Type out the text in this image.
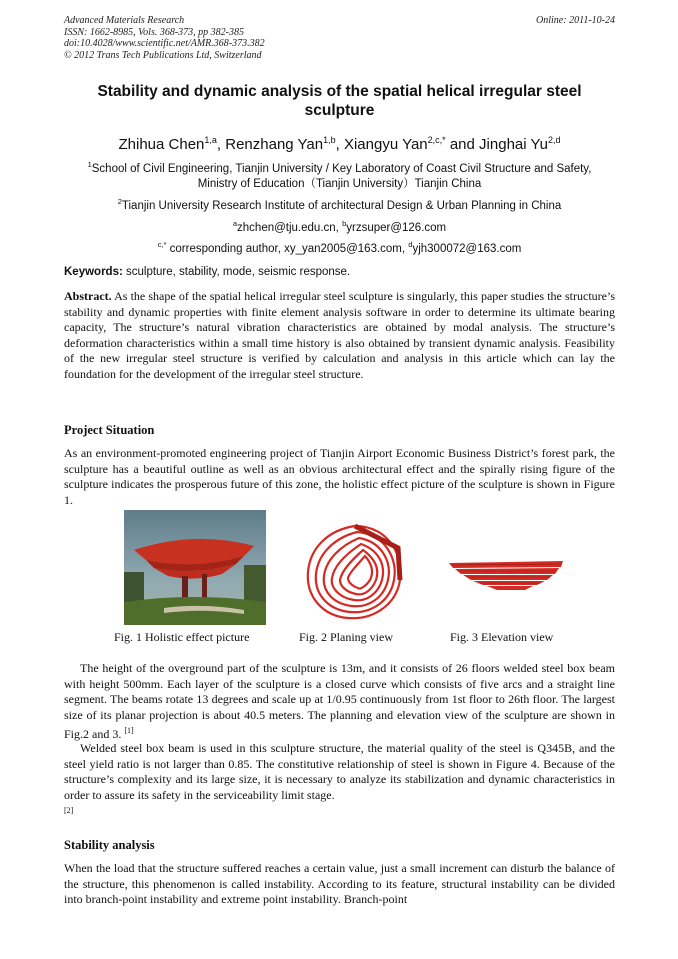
Advanced Materials Research
ISSN: 1662-8985, Vols. 368-373, pp 382-385
doi:10.4028/www.scientific.net/AMR.368-373.382
© 2012 Trans Tech Publications Ltd, Switzerland
Online: 2011-10-24
Stability and dynamic analysis of the spatial helical irregular steel sculpture
Zhihua Chen$^{1,a}$, Renzhang Yan$^{1,b}$, Xiangyu Yan$^{2,c,*}$ and Jinghai Yu$^{2,d}$
$^1$School of Civil Engineering, Tianjin University / Key Laboratory of Coast Civil Structure and Safety,
Ministry of Education（Tianjin University）Tianjin China
$^2$Tianjin University Research Institute of architectural Design & Urban Planning in China
$^a$zhchen@tju.edu.cn, $^b$yrzsuper@126.com
$^{c,*}$ corresponding author, xy_yan2005@163.com, $^d$yjh300072@163.com
Keywords: sculpture, stability, mode, seismic response.
Abstract. As the shape of the spatial helical irregular steel sculpture is singularly, this paper studies the structure’s stability and dynamic properties with finite element analysis software in order to determine its ultimate bearing capacity, The structure’s natural vibration characteristics are obtained by modal analysis. The structure’s deformation characteristics within a small time history is also obtained by transient dynamic analysis. Feasibility of the new irregular steel structure is verified by calculation and analysis in this article which can lay the foundation for the development of the irregular steel structure.
Project Situation
As an environment-promoted engineering project of Tianjin Airport Economic Business District’s forest park, the sculpture has a beautiful outline as well as an obvious architectural effect and the spirally rising figure of the sculpture indicates the prosperous future of this zone, the holistic effect picture of the sculpture is shown in Figure 1.
Fig. 1 Holistic effect picture	Fig. 2 Planing view	Fig. 3 Elevation view
The height of the overground part of the sculpture is 13m, and it consists of 26 floors welded steel box beam with height 500mm. Each layer of the sculpture is a closed curve which consists of five arcs and a straight line segment. The beams rotate 13 degrees and scale up at 1/0.95 continuously from 1st floor to 26th floor. The largest size of its planar projection is about 40.5 meters. The planning and elevation view of the sculpture are shown in Fig.2 and 3. [1]
Welded steel box beam is used in this sculpture structure, the material quality of the steel is Q345B, and the steel yield ratio is not larger than 0.85. The constitutive relationship of steel is shown in Figure 4. Because of the structure’s complexity and its large size, it is necessary to analyze its stabilization and dynamic characteristics in order to assure its safety in the serviceability limit stage.
[2]
Stability analysis
When the load that the structure suffered reaches a certain value, just a small increment can disturb the balance of the structure, this phenomenon is called instability. According to its feature, structural instability can be divided into branch-point instability and extreme point instability. Branch-point
